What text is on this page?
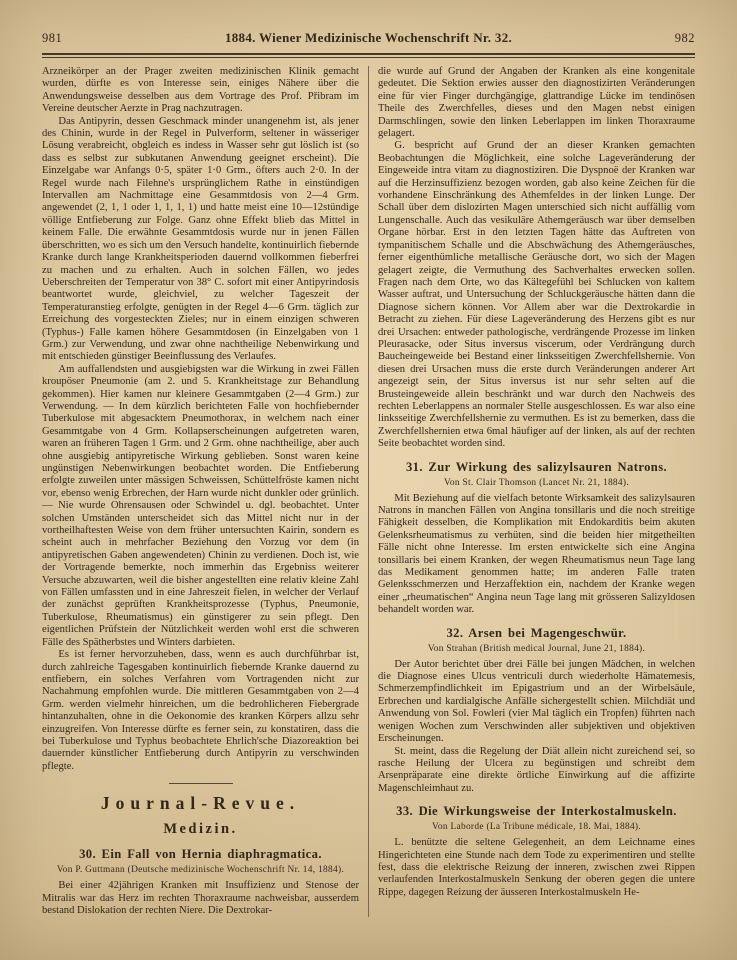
981	1884. Wiener Medizinische Wochenschrift Nr. 32.	982

Arzneikörper an der Prager zweiten medizinischen Klinik gemacht wurden, dürfte es von Interesse sein, einiges Nähere über die Anwendungsweise desselben aus dem Vortrage des Prof. Přibram im Vereine deutscher Aerzte in Prag nachzutragen.

Das Antipyrin, dessen Geschmack minder unangenehm ist, als jener des Chinin, wurde in der Regel in Pulverform, seltener in wässeriger Lösung verabreicht, obgleich es indess in Wasser sehr gut löslich ist (so dass es selbst zur subkutanen Anwendung geeignet erscheint). Die Einzelgabe war Anfangs 0·5, später 1·0 Grm., öfters auch 2·0. In der Regel wurde nach Filehne's ursprünglichem Rathe in einstündigen Intervallen am Nachmittage eine Gesammtdosis von 2—4 Grm. angewendet (2, 1, 1 oder 1, 1, 1, 1) und hatte meist eine 10—12stündige völlige Entfieberung zur Folge. Ganz ohne Effekt blieb das Mittel in keinem Falle. Die erwähnte Gesammtdosis wurde nur in jenen Fällen überschritten, wo es sich um den Versuch handelte, kontinuirlich fiebernde Kranke durch lange Krankheitsperioden dauernd vollkommen fieberfrei zu machen und zu erhalten. Auch in solchen Fällen, wo jedes Ueberschreiten der Temperatur von 38° C. sofort mit einer Antipyrindosis beantwortet wurde, gleichviel, zu welcher Tageszeit der Temperaturanstieg erfolgte, genügten in der Regel 4—6 Grm. täglich zur Erreichung des vorgesteckten Zieles; nur in einem einzigen schweren (Typhus-) Falle kamen höhere Gesammtdosen (in Einzelgaben von 1 Grm.) zur Verwendung, und zwar ohne nachtheilige Nebenwirkung und mit entschieden günstiger Beeinflussung des Verlaufes.

Am auffallendsten und ausgiebigsten war die Wirkung in zwei Fällen kroupöser Pneumonie (am 2. und 5. Krankheitstage zur Behandlung gekommen). Hier kamen nur kleinere Gesammtgaben (2—4 Grm.) zur Verwendung. — In dem kürzlich berichteten Falle von hochfiebernder Tuberkulose mit abgesacktem Pneumothorax, in welchem nach einer Gesammtgabe von 4 Grm. Kollapserscheinungen aufgetreten waren, waren an früheren Tagen 1 Grm. und 2 Grm. ohne nachtheilige, aber auch ohne ausgiebig antipyretische Wirkung geblieben. Sonst waren keine ungünstigen Nebenwirkungen beobachtet worden. Die Entfieberung erfolgte zuweilen unter mässigen Schweissen, Schüttelfröste kamen nicht vor, ebenso wenig Erbrechen, der Harn wurde nicht dunkler oder grünlich. — Nie wurde Ohrensausen oder Schwindel u. dgl. beobachtet. Unter solchen Umständen unterscheidet sich das Mittel nicht nur in der vortheilhaftesten Weise von dem früher untersuchten Kairin, sondern es scheint auch in mehrfacher Beziehung den Vorzug vor dem (in antipyretischen Gaben angewendeten) Chinin zu verdienen. Doch ist, wie der Vortragende bemerkte, noch immerhin das Ergebniss weiterer Versuche abzuwarten, weil die bisher angestellten eine relativ kleine Zahl von Fällen umfassten und in eine Jahreszeit fielen, in welcher der Verlauf der zunächst geprüften Krankheitsprozesse (Typhus, Pneumonie, Tuberkulose, Rheumatismus) ein günstigerer zu sein pflegt. Den eigentlichen Prüfstein der Nützlichkeit werden wohl erst die schweren Fälle des Spätherbstes und Winters darbieten.

Es ist ferner hervorzuheben, dass, wenn es auch durchführbar ist, durch zahlreiche Tagesgaben kontinuirlich fiebernde Kranke dauernd zu entfiebern, ein solches Verfahren vom Vortragenden nicht zur Nachahmung empfohlen wurde. Die mittleren Gesammtgaben von 2—4 Grm. werden vielmehr hinreichen, um die bedrohlicheren Fiebergrade hintanzuhalten, ohne in die Oekonomie des kranken Körpers allzu sehr einzugreifen. Von Interesse dürfte es ferner sein, zu konstatiren, dass die bei Tuberkulose und Typhus beobachtete Ehrlich'sche Diazoreaktion bei dauernder künstlicher Entfieberung durch Antipyrin zu verschwinden pflegte.

Journal-Revue.
Medizin.
30. Ein Fall von Hernia diaphragmatica.
Von P. Guttmann (Deutsche medizinische Wochenschrift Nr. 14, 1884).

Bei einer 42jährigen Kranken mit Insuffizienz und Stenose der Mitralis war das Herz im rechten Thoraxraume nachweisbar, ausserdem bestand Dislokation der rechten Niere. Die Dextrokar-

die wurde auf Grund der Angaben der Kranken als eine kongenitale gedeutet. Die Sektion erwies ausser den diagnostizirten Veränderungen eine für vier Finger durchgängige, glattrandige Lücke im tendinösen Theile des Zwerchfelles, dieses und den Magen nebst einigen Darmschlingen, sowie den linken Leberlappen im linken Thoraxraume gelagert.

G. bespricht auf Grund der an dieser Kranken gemachten Beobachtungen die Möglichkeit, eine solche Lageveränderung der Eingeweide intra vitam zu diagnostiziren. Die Dyspnoë der Kranken war auf die Herzinsuffizienz bezogen worden, gab also keine Zeichen für die vorhandene Einschränkung des Athemfeldes in der linken Lunge. Der Schall über dem dislozirten Magen unterschied sich nicht auffällig vom Lungenschalle. Auch das vesikuläre Athemgeräusch war über demselben Organe hörbar. Erst in den letzten Tagen hätte das Auftreten von tympanitischem Schalle und die Abschwächung des Athemgeräusches, ferner eigenthümliche metallische Geräusche dort, wo sich der Magen gelagert zeigte, die Vermuthung des Sachverhaltes erwecken sollen. Fragen nach dem Orte, wo das Kältegefühl bei Schlucken von kaltem Wasser auftrat, und Untersuchung der Schluckgeräusche hätten dann die Diagnose sichern können. Vor Allem aber war die Dextrokardie in Betracht zu ziehen. Für diese Lageveränderung des Herzens gibt es nur drei Ursachen: entweder pathologische, verdrängende Prozesse im linken Pleurasacke, oder Situs inversus viscerum, oder Verdrängung durch Baucheingeweide bei Bestand einer linksseitigen Zwerchfellshernie. Von diesen drei Ursachen muss die erste durch Veränderungen anderer Art angezeigt sein, der Situs inversus ist nur sehr selten auf die Brusteingeweide allein beschränkt und war durch den Nachweis des rechten Leberlappens an normaler Stelle ausgeschlossen. Es war also eine linksseitige Zwerchfellshernie zu vermuthen. Es ist zu bemerken, dass die Zwerchfellshernien etwa 6mal häufiger auf der linken, als auf der rechten Seite beobachtet worden sind.

31. Zur Wirkung des salizylsauren Natrons.
Von St. Clair Thomson (Lancet Nr. 21, 1884).

Mit Beziehung auf die vielfach betonte Wirksamkeit des salizylsauren Natrons in manchen Fällen von Angina tonsillaris und die noch streitige Fähigkeit desselben, die Komplikation mit Endokarditis beim akuten Gelenksrheumatismus zu verhüten, sind die beiden hier mitgetheilten Fälle nicht ohne Interesse. Im ersten entwickelte sich eine Angina tonsillaris bei einem Kranken, der wegen Rheumatismus neun Tage lang das Medikament genommen hatte; im anderen Falle traten Gelenksschmerzen und Herzaffektion ein, nachdem der Kranke wegen einer „rheumatischen“ Angina neun Tage lang mit grösseren Salizyldosen behandelt worden war.

32. Arsen bei Magengeschwür.
Von Strahan (British medical Journal, June 21, 1884).

Der Autor berichtet über drei Fälle bei jungen Mädchen, in welchen die Diagnose eines Ulcus ventriculi durch wiederholte Hämatemesis, Schmerzempfindlichkeit im Epigastrium und an der Wirbelsäule, Erbrechen und kardialgische Anfälle sichergestellt schien. Milchdiät und Anwendung von Sol. Fowleri (vier Mal täglich ein Tropfen) führten nach wenigen Wochen zum Verschwinden aller subjektiven und objektiven Erscheinungen.

St. meint, dass die Regelung der Diät allein nicht zureichend sei, so rasche Heilung der Ulcera zu begünstigen und schreibt dem Arsenpräparate eine direkte örtliche Einwirkung auf die affizirte Magenschleimhaut zu.

33. Die Wirkungsweise der Interkostalmuskeln.
Von Laborde (La Tribune médicale, 18. Mai, 1884).

L. benützte die seltene Gelegenheit, an dem Leichname eines Hingerichteten eine Stunde nach dem Tode zu experimentiren und stellte fest, dass die elektrische Reizung der inneren, zwischen zwei Rippen verlaufenden Interkostalmuskeln Senkung der oberen gegen die untere Rippe, dagegen Reizung der äusseren Interkostalmuskeln He-
